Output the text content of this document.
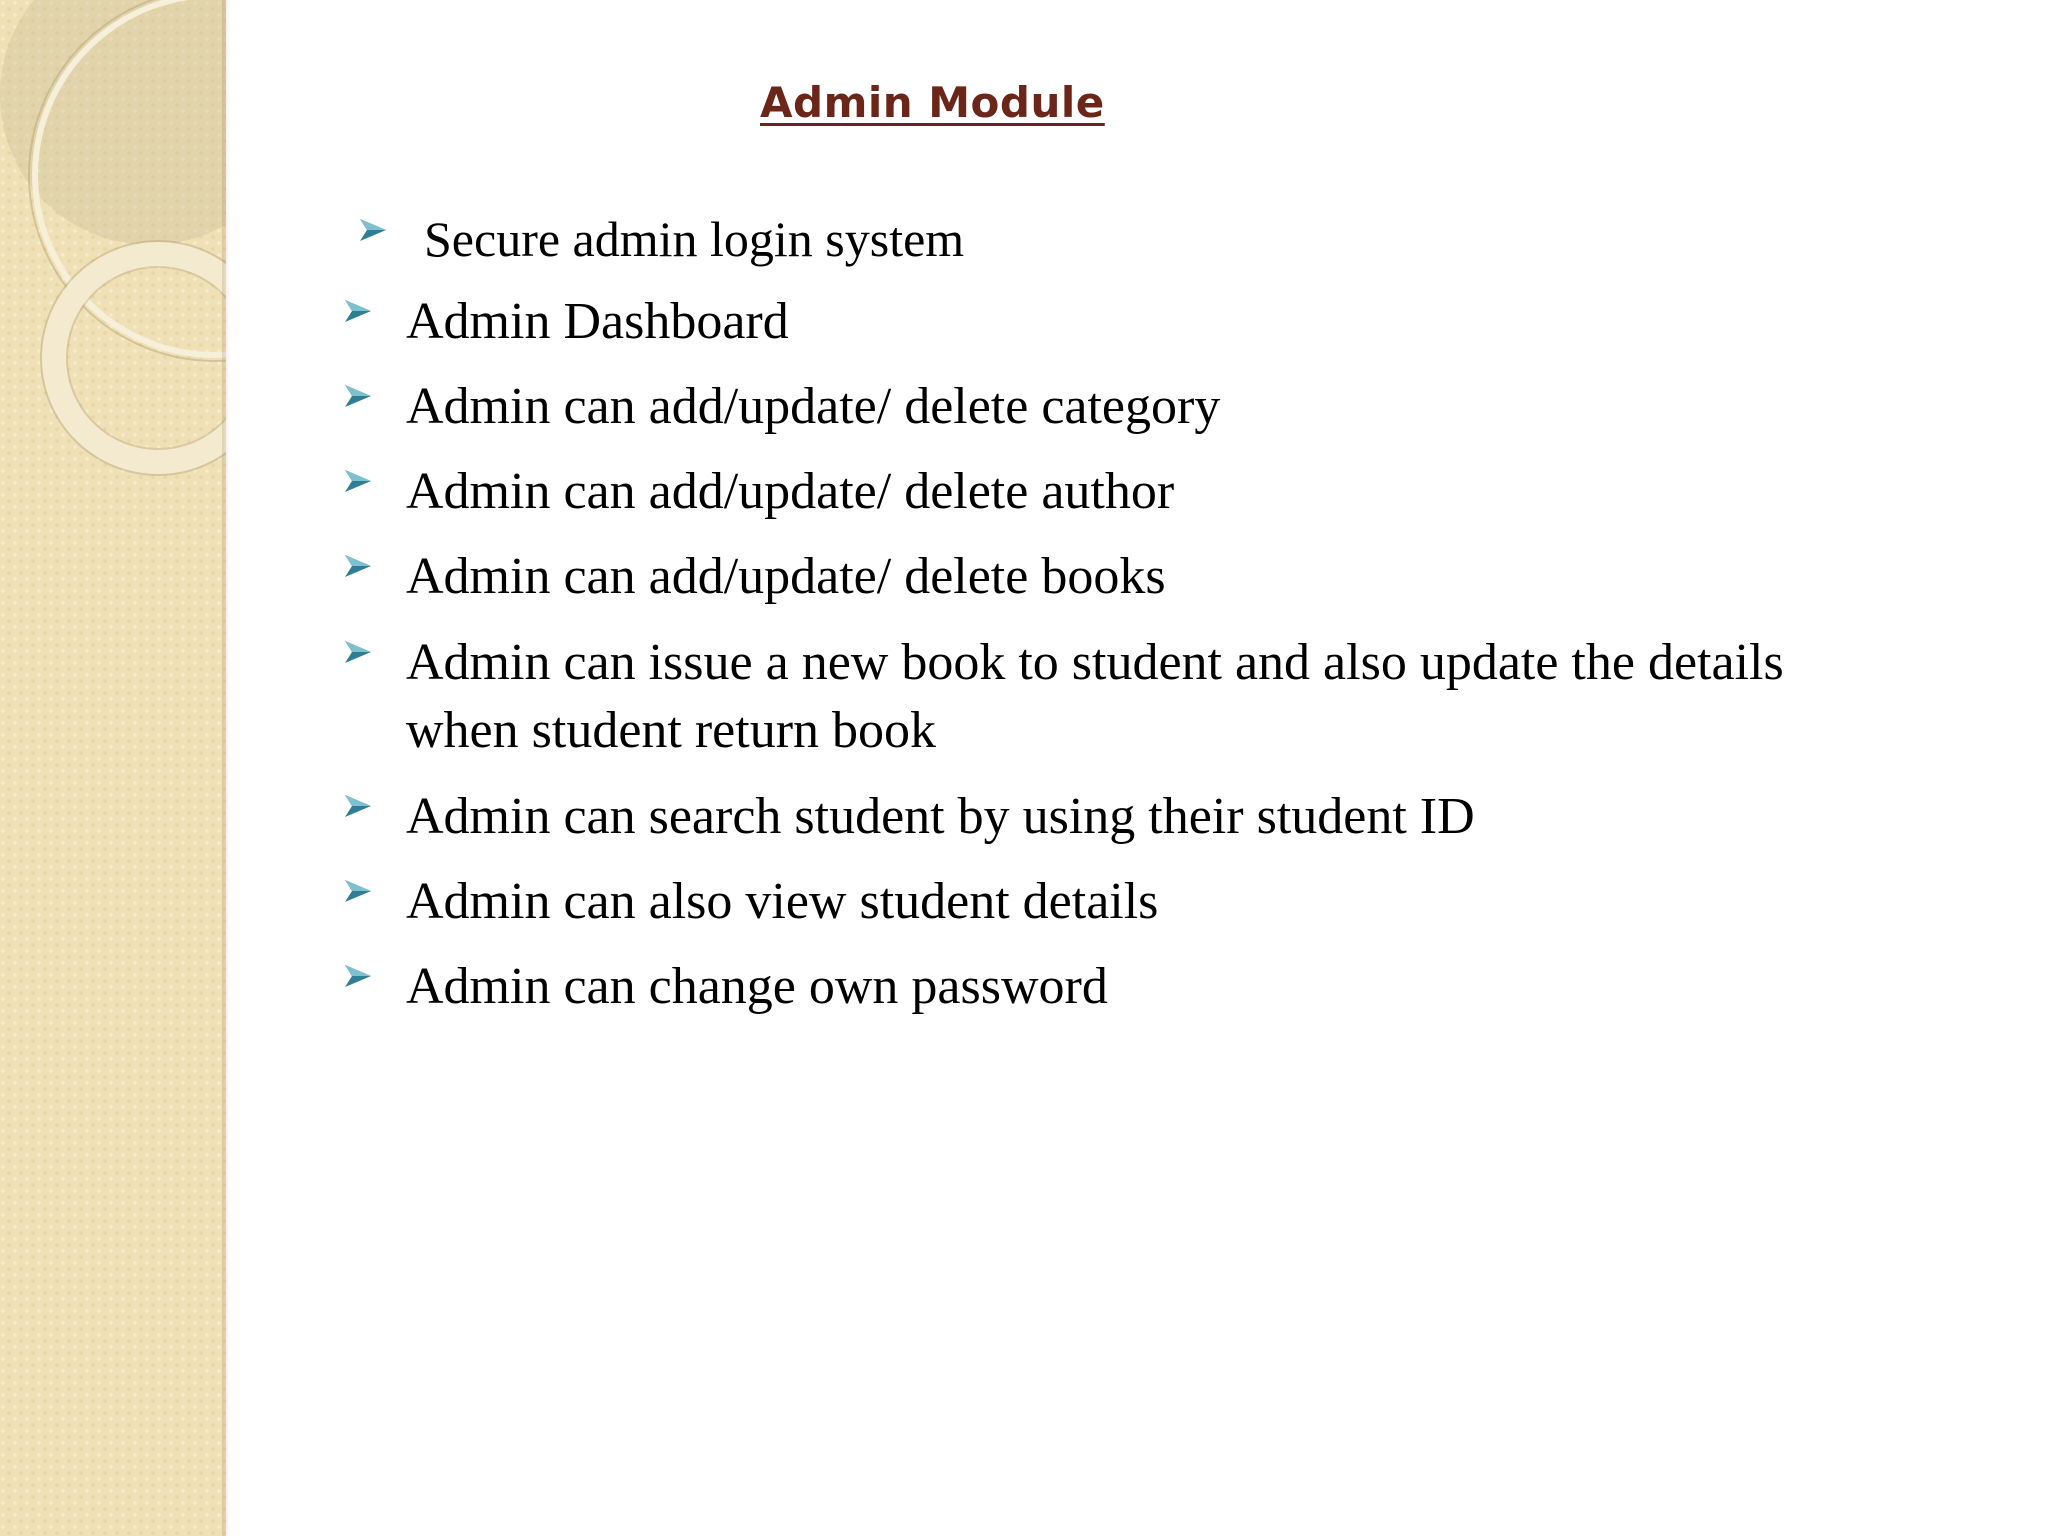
Admin Module
Secure admin login system
Admin Dashboard
Admin can add/update/ delete category
Admin can add/update/ delete author
Admin can add/update/ delete books
Admin can issue a new book to student and also update the details
when student return book
Admin can search student by using their student ID
Admin can also view student details
Admin can change own password
